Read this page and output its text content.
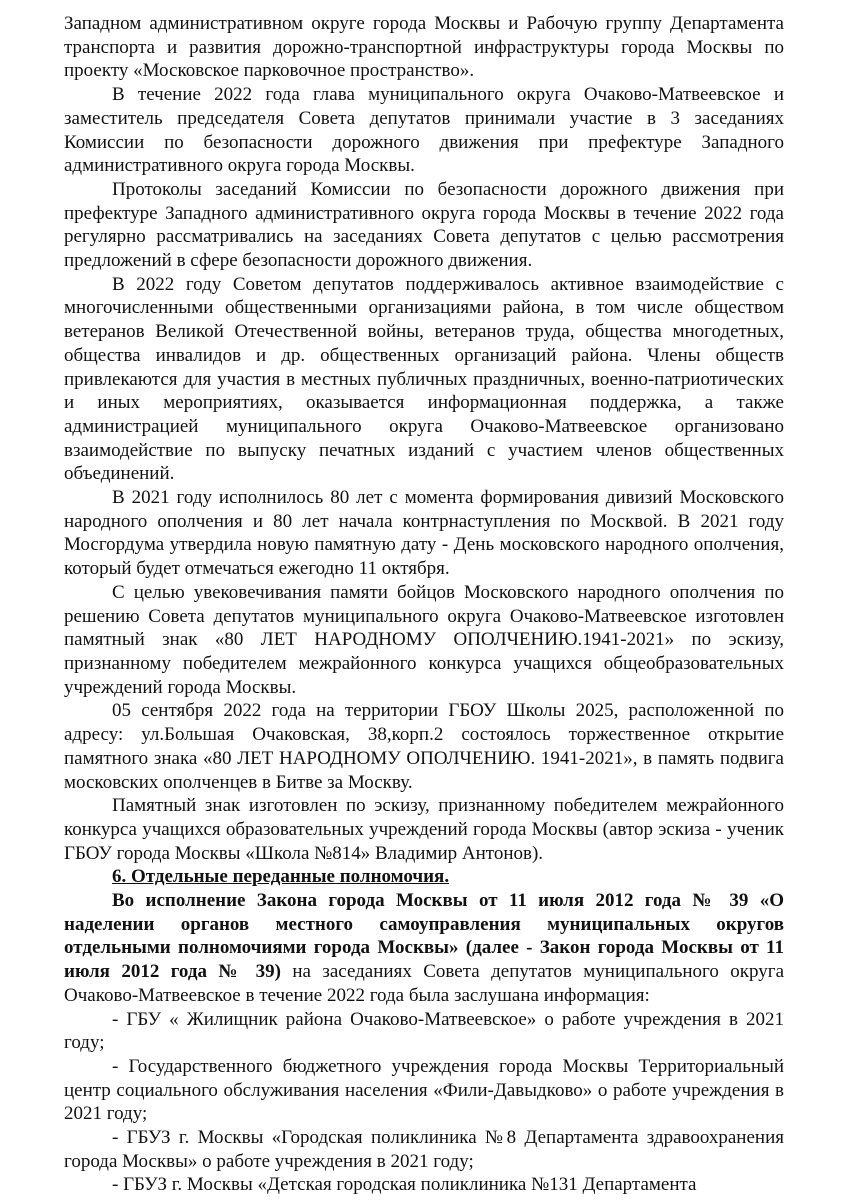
Западном административном округе города Москвы и Рабочую группу Департамента транспорта и развития дорожно-транспортной инфраструктуры города Москвы по проекту «Московское парковочное пространство».

В течение 2022 года глава муниципального округа Очаково-Матвеевское и заместитель председателя Совета депутатов принимали участие в 3 заседаниях Комиссии по безопасности дорожного движения при префектуре Западного административного округа города Москвы.

Протоколы заседаний Комиссии по безопасности дорожного движения при префектуре Западного административного округа города Москвы в течение 2022 года регулярно рассматривались на заседаниях Совета депутатов с целью рассмотрения предложений в сфере безопасности дорожного движения.

В 2022 году Советом депутатов поддерживалось активное взаимодействие с многочисленными общественными организациями района, в том числе обществом ветеранов Великой Отечественной войны, ветеранов труда, общества многодетных, общества инвалидов и др. общественных организаций района. Члены обществ привлекаются для участия в местных публичных праздничных, военно-патриотических и иных мероприятиях, оказывается информационная поддержка, а также администрацией муниципального округа Очаково-Матвеевское организовано взаимодействие по выпуску печатных изданий с участием членов общественных объединений.

В 2021 году исполнилось 80 лет с момента формирования дивизий Московского народного ополчения и 80 лет начала контрнаступления по Москвой. В 2021 году Мосгордума утвердила новую памятную дату - День московского народного ополчения, который будет отмечаться ежегодно 11 октября.

С целью увековечивания памяти бойцов Московского народного ополчения по решению Совета депутатов муниципального округа Очаково-Матвеевское изготовлен памятный знак «80 ЛЕТ НАРОДНОМУ ОПОЛЧЕНИЮ.1941-2021» по эскизу, признанному победителем межрайонного конкурса учащихся общеобразовательных учреждений города Москвы.

05 сентября 2022 года на территории ГБОУ Школы 2025, расположенной по адресу: ул.Большая Очаковская, 38,корп.2 состоялось торжественное открытие памятного знака «80 ЛЕТ НАРОДНОМУ ОПОЛЧЕНИЮ. 1941-2021», в память подвига московских ополченцев в Битве за Москву.

Памятный знак изготовлен по эскизу, признанному победителем межрайонного конкурса учащихся образовательных учреждений города Москвы (автор эскиза - ученик ГБОУ города Москвы «Школа №814» Владимир Антонов).

6. Отдельные переданные полномочия.

Во исполнение Закона города Москвы от 11 июля 2012 года № 39 «О наделении органов местного самоуправления муниципальных округов отдельными полномочиями города Москвы» (далее - Закон города Москвы от 11 июля 2012 года № 39) на заседаниях Совета депутатов муниципального округа Очаково-Матвеевское в течение 2022 года была заслушана информация:

- ГБУ « Жилищник района Очаково-Матвеевское» о работе учреждения в 2021 году;

- Государственного бюджетного учреждения города Москвы Территориальный центр социального обслуживания населения «Фили-Давыдково» о работе учреждения в 2021 году;

- ГБУЗ г. Москвы «Городская поликлиника №8 Департамента здравоохранения города Москвы» о работе учреждения в 2021 году;

- ГБУЗ г. Москвы «Детская городская поликлиника №131 Департамента
